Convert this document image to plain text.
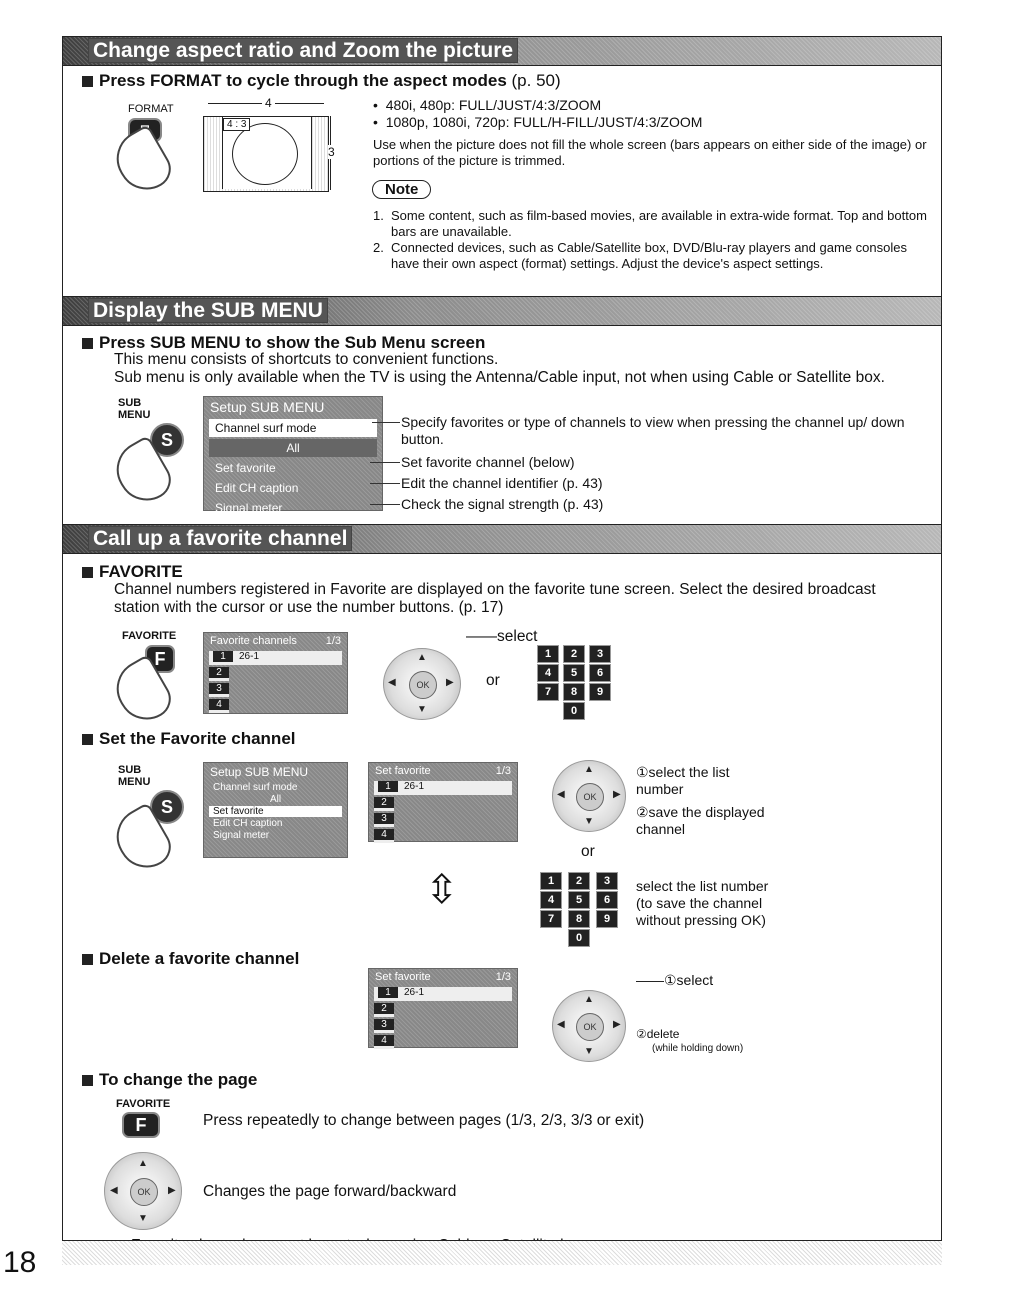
Change aspect ratio and Zoom the picture
Press FORMAT to cycle through the aspect modes (p. 50)
FORMAT
4 : 3
4
3
•  480i, 480p: FULL/JUST/4:3/ZOOM
•  1080p, 1080i, 720p: FULL/H-FILL/JUST/4:3/ZOOM
Use when the picture does not fill the whole screen (bars appears on either side of the image) or portions of the picture is trimmed.
Note
1. Some content, such as film-based movies, are available in extra-wide format. Top and bottom bars are unavailable.
2. Connected devices, such as Cable/Satellite box, DVD/Blu-ray players and game consoles have their own aspect (format) settings. Adjust the device's aspect settings.
Display the SUB MENU
Press SUB MENU to show the Sub Menu screen
This menu consists of shortcuts to convenient functions.
Sub menu is only available when the TV is using the Antenna/Cable input, not when using Cable or Satellite box.
SUB MENU
S
Setup SUB MENU
Channel surf mode
All
Set favorite
Edit CH caption
Signal meter
Specify favorites or type of channels to view when pressing the channel up/ down button.
Set favorite channel (below)
Edit the channel identifier (p. 43)
Check the signal strength (p. 43)
Call up a favorite channel
FAVORITE
Channel numbers registered in Favorite are displayed on the favorite tune screen. Select the desired broadcast station with the cursor or use the number buttons. (p. 17)
FAVORITE
F
Favorite channels	1/3
1 26-1
2
3
4
OK
▲
▼
◀	▶
——select
or
1	2	3
4	5	6
7	8	9
0
Set the Favorite channel
SUB MENU
S
Setup SUB MENU
Channel surf mode
All
Set favorite
Edit CH caption
Signal meter
Set favorite	1/3
1 26-1
2
3
4
⇳
OK
▲
▼
◀	▶
①select the list number
②save the displayed channel
or
1	2	3
4	5	6
7	8	9
0
select the list number (to save the channel without pressing OK)
Delete a favorite channel
Set favorite	1/3
1 26-1
2
3
4
OK
▲
▼
◀	▶
——①select
②delete
(while holding down)
To change the page
FAVORITE
F	Press repeatedly to change between pages (1/3, 2/3, 3/3 or exit)
OK
▲
▼
◀	▶ Changes the page forward/backward
18
